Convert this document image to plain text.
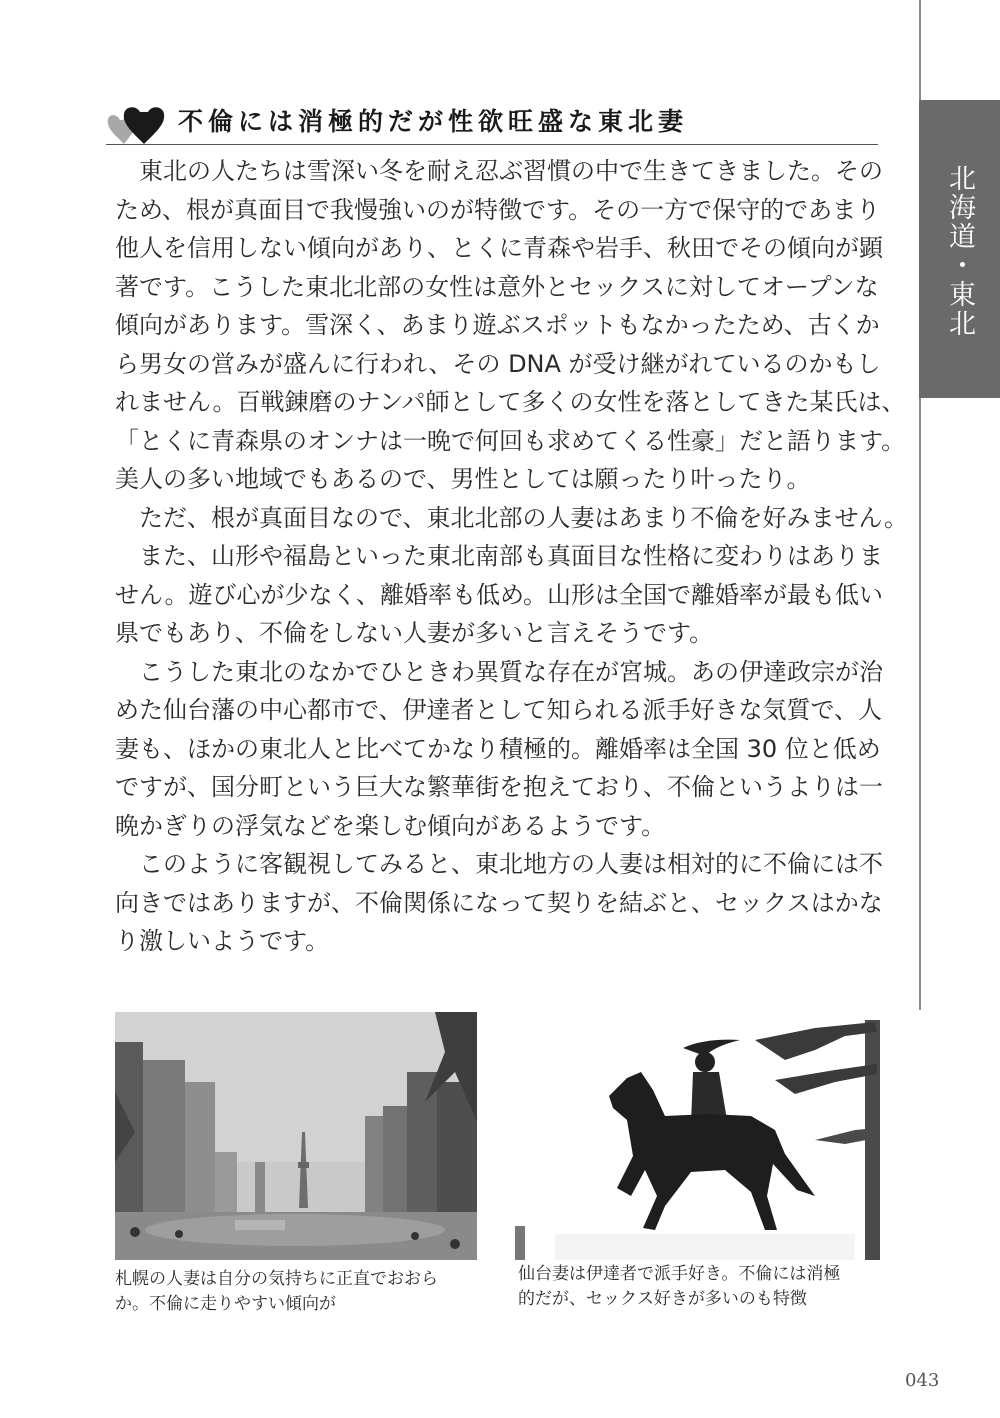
北海道・東北
不倫には消極的だが性欲旺盛な東北妻
　東北の人たちは雪深い冬を耐え忍ぶ習慣の中で生きてきました。その
ため、根が真面目で我慢強いのが特徴です。その一方で保守的であまり
他人を信用しない傾向があり、とくに青森や岩手、秋田でその傾向が顕
著です。こうした東北北部の女性は意外とセックスに対してオープンな
傾向があります。雪深く、あまり遊ぶスポットもなかったため、古くか
ら男女の営みが盛んに行われ、その DNA が受け継がれているのかもし
れません。百戦錬磨のナンパ師として多くの女性を落としてきた某氏は、
「とくに青森県のオンナは一晩で何回も求めてくる性豪」だと語ります。
美人の多い地域でもあるので、男性としては願ったり叶ったり。
　ただ、根が真面目なので、東北北部の人妻はあまり不倫を好みません。
　また、山形や福島といった東北南部も真面目な性格に変わりはありま
せん。遊び心が少なく、離婚率も低め。山形は全国で離婚率が最も低い
県でもあり、不倫をしない人妻が多いと言えそうです。
　こうした東北のなかでひときわ異質な存在が宮城。あの伊達政宗が治
めた仙台藩の中心都市で、伊達者として知られる派手好きな気質で、人
妻も、ほかの東北人と比べてかなり積極的。離婚率は全国 30 位と低め
ですが、国分町という巨大な繁華街を抱えており、不倫というよりは一
晩かぎりの浮気などを楽しむ傾向があるようです。
　このように客観視してみると、東北地方の人妻は相対的に不倫には不
向きではありますが、不倫関係になって契りを結ぶと、セックスはかな
り激しいようです。

札幌の人妻は自分の気持ちに正直でおおら
か。不倫に走りやすい傾向が

仙台妻は伊達者で派手好き。不倫には消極
的だが、セックス好きが多いのも特徴

043
